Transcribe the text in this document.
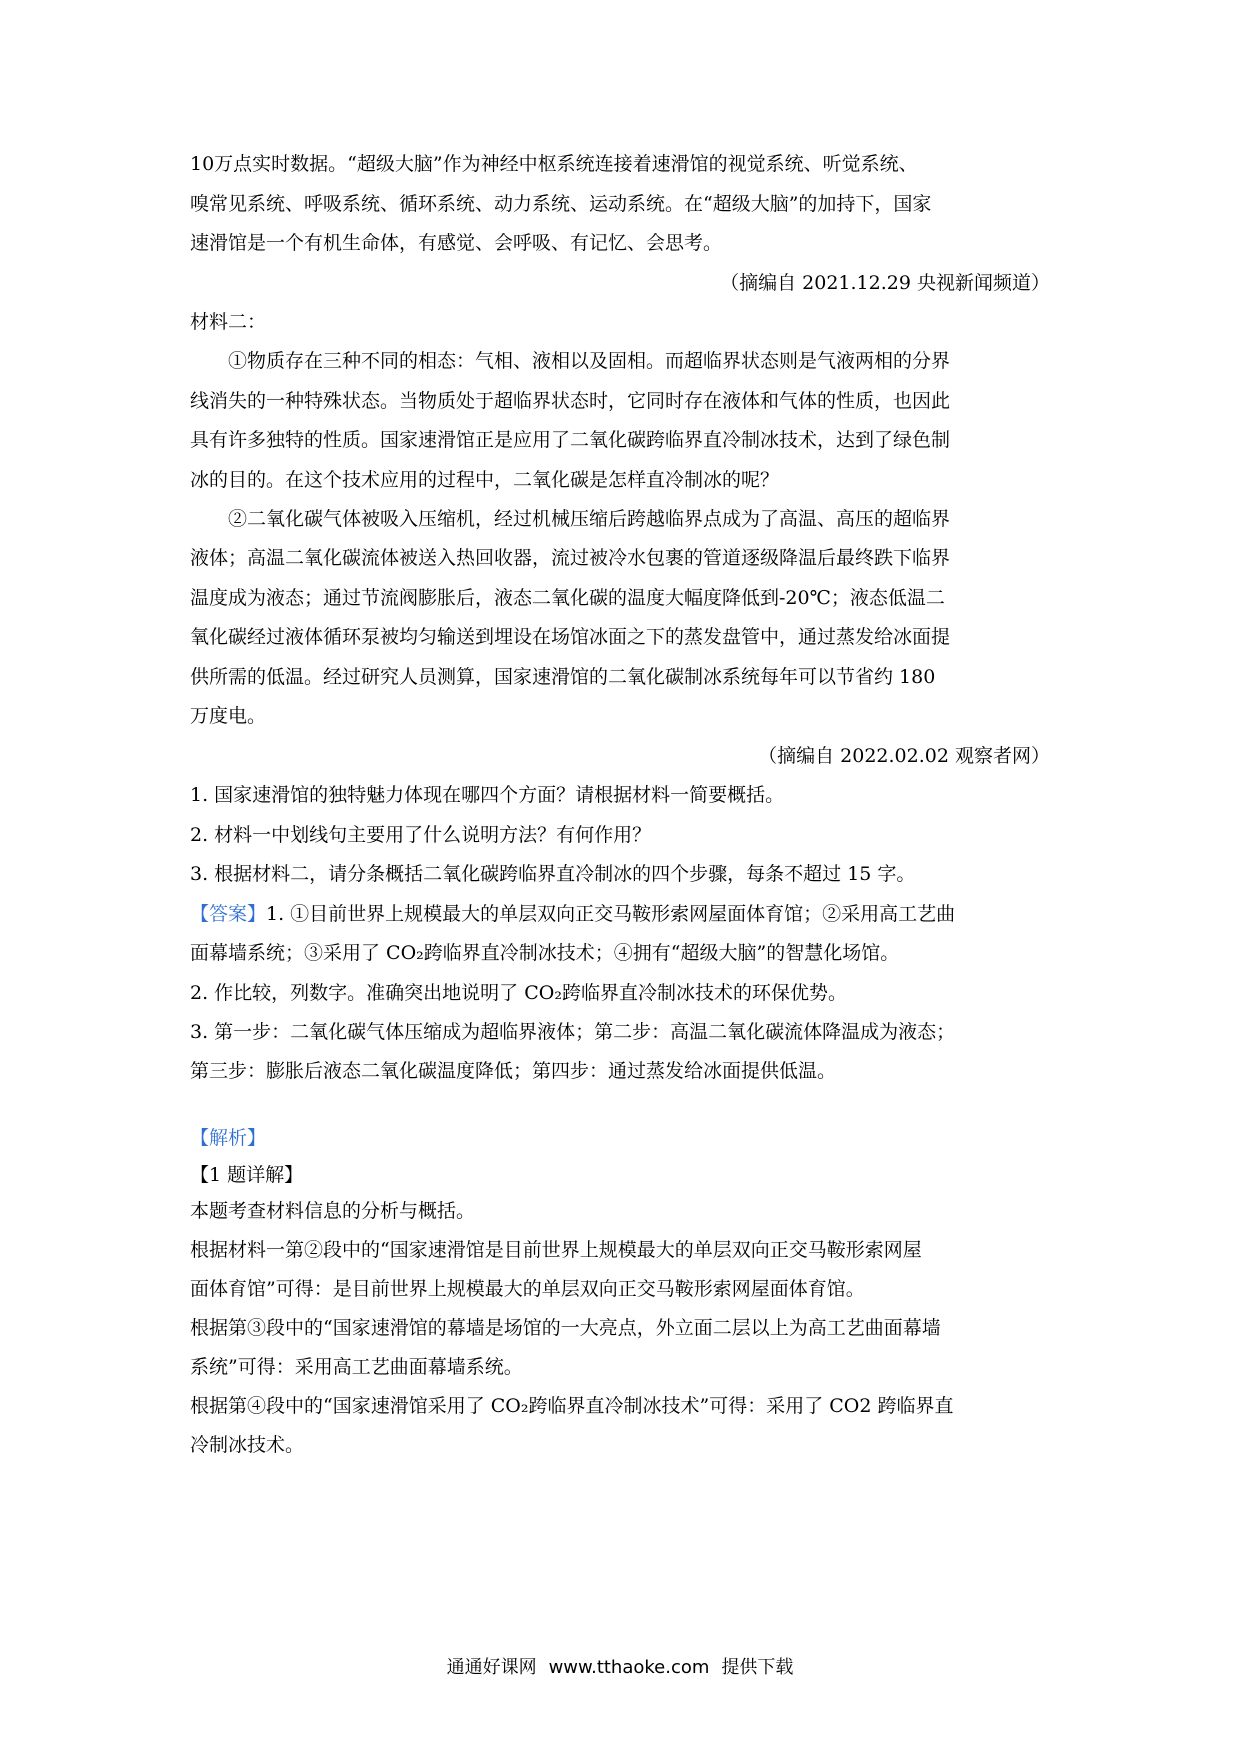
10万点实时数据。“超级大脑”作为神经中枢系统连接着速滑馆的视觉系统、听觉系统、
嗅常见系统、呼吸系统、循环系统、动力系统、运动系统。在“超级大脑”的加持下，国家
速滑馆是一个有机生命体，有感觉、会呼吸、有记忆、会思考。
（摘编自 2021.12.29 央视新闻频道）
材料二：
①物质存在三种不同的相态：气相、液相以及固相。而超临界状态则是气液两相的分界
线消失的一种特殊状态。当物质处于超临界状态时，它同时存在液体和气体的性质，也因此
具有许多独特的性质。国家速滑馆正是应用了二氧化碳跨临界直冷制冰技术，达到了绿色制
冰的目的。在这个技术应用的过程中，二氧化碳是怎样直冷制冰的呢？
②二氧化碳气体被吸入压缩机，经过机械压缩后跨越临界点成为了高温、高压的超临界
液体；高温二氧化碳流体被送入热回收器，流过被冷水包裹的管道逐级降温后最终跌下临界
温度成为液态；通过节流阀膨胀后，液态二氧化碳的温度大幅度降低到-20℃；液态低温二
氧化碳经过液体循环泵被均匀输送到埋设在场馆冰面之下的蒸发盘管中，通过蒸发给冰面提
供所需的低温。经过研究人员测算，国家速滑馆的二氧化碳制冰系统每年可以节省约 180
万度电。
（摘编自 2022.02.02 观察者网）
1. 国家速滑馆的独特魅力体现在哪四个方面？请根据材料一简要概括。
2. 材料一中划线句主要用了什么说明方法？有何作用？
3. 根据材料二，请分条概括二氧化碳跨临界直冷制冰的四个步骤，每条不超过 15 字。
【答案】1. ①目前世界上规模最大的单层双向正交马鞍形索网屋面体育馆；②采用高工艺曲
面幕墙系统；③采用了 CO₂跨临界直冷制冰技术；④拥有“超级大脑”的智慧化场馆。
2. 作比较，列数字。准确突出地说明了 CO₂跨临界直冷制冰技术的环保优势。
3. 第一步：二氧化碳气体压缩成为超临界液体；第二步：高温二氧化碳流体降温成为液态；
第三步：膨胀后液态二氧化碳温度降低；第四步：通过蒸发给冰面提供低温。
【解析】
【1 题详解】
本题考查材料信息的分析与概括。
根据材料一第②段中的“国家速滑馆是目前世界上规模最大的单层双向正交马鞍形索网屋
面体育馆”可得：是目前世界上规模最大的单层双向正交马鞍形索网屋面体育馆。
根据第③段中的“国家速滑馆的幕墙是场馆的一大亮点，外立面二层以上为高工艺曲面幕墙
系统”可得：采用高工艺曲面幕墙系统。
根据第④段中的“国家速滑馆采用了 CO₂跨临界直冷制冰技术”可得：采用了 CO2 跨临界直
冷制冰技术。
通通好课网 www.tthaoke.com 提供下载
